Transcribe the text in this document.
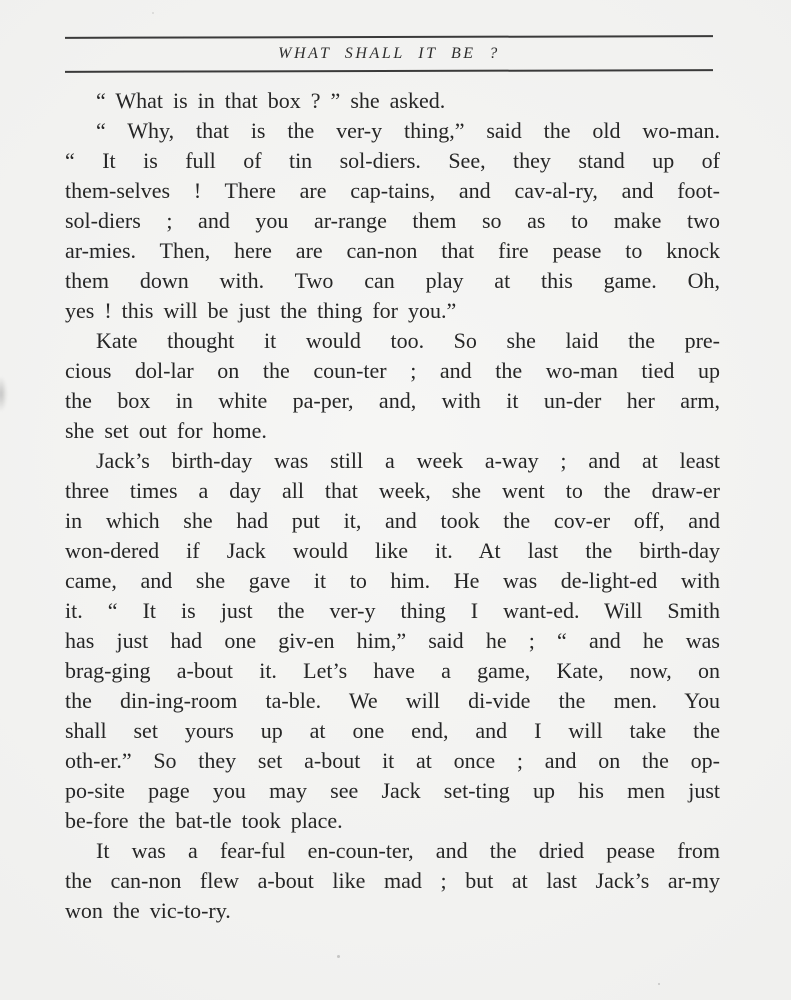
WHAT SHALL IT BE ?
“ What is in that box ? ” she asked.
“ Why, that is the ver-y thing,” said the old wo-man.
“ It is full of tin sol-diers. See, they stand up of
them-selves ! There are cap-tains, and cav-al-ry, and foot-
sol-diers ; and you ar-range them so as to make two
ar-mies. Then, here are can-non that fire pease to knock
them down with. Two can play at this game. Oh,
yes ! this will be just the thing for you.”
Kate thought it would too. So she laid the pre-
cious dol-lar on the coun-ter ; and the wo-man tied up
the box in white pa-per, and, with it un-der her arm,
she set out for home.
Jack’s birth-day was still a week a-way ; and at least
three times a day all that week, she went to the draw-er
in which she had put it, and took the cov-er off, and
won-dered if Jack would like it. At last the birth-day
came, and she gave it to him. He was de-light-ed with
it. “ It is just the ver-y thing I want-ed. Will Smith
has just had one giv-en him,” said he ; “ and he was
brag-ging a-bout it. Let’s have a game, Kate, now, on
the din-ing-room ta-ble. We will di-vide the men. You
shall set yours up at one end, and I will take the
oth-er.” So they set a-bout it at once ; and on the op-
po-site page you may see Jack set-ting up his men just
be-fore the bat-tle took place.
It was a fear-ful en-coun-ter, and the dried pease from
the can-non flew a-bout like mad ; but at last Jack’s ar-my
won the vic-to-ry.
